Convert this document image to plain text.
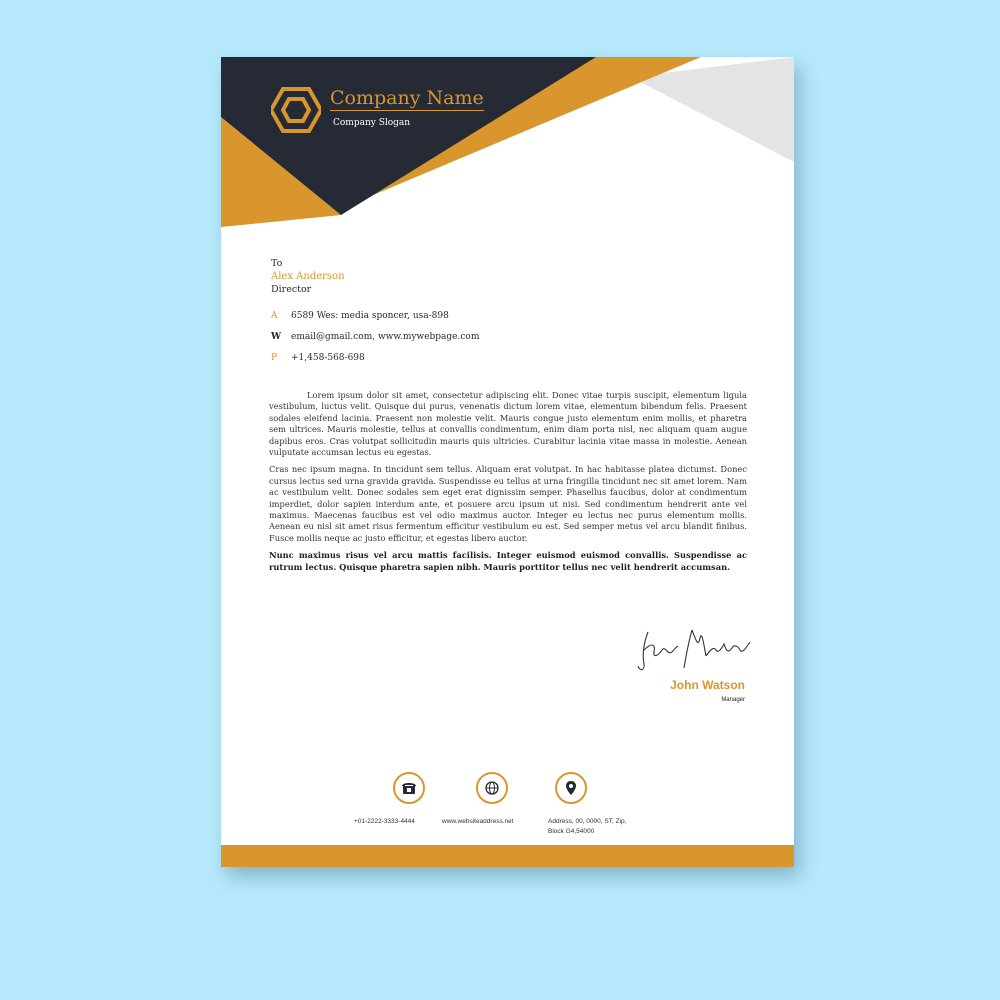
Company Name
Company Slogan
To
Alex Anderson
Director
A	6589 Wes: media sponcer, usa-898
W	email@gmail.com, www.mywebpage.com
P	+1,458-568-698

Lorem ipsum dolor sit amet, consectetur adipiscing elit. Donec vitae turpis suscipit, elementum ligula vestibulum, luctus velit. Quisque dui purus, venenatis dictum lorem vitae, elementum bibendum felis. Praesent sodales eleifend lacinia. Praesent non molestie velit. Mauris congue justo elementum enim mollis, et pharetra sem ultrices. Mauris molestie, tellus at convallis condimentum, enim diam porta nisl, nec aliquam quam augue dapibus eros. Cras volutpat sollicitudin mauris quis ultricies. Curabitur lacinia vitae massa in molestie. Aenean vulputate accumsan lectus eu egestas.

Cras nec ipsum magna. In tincidunt sem tellus. Aliquam erat volutpat. In hac habitasse platea dictumst. Donec cursus lectus sed urna gravida gravida. Suspendisse eu tellus at urna fringilla tincidunt nec sit amet lorem. Nam ac vestibulum velit. Donec sodales sem eget erat dignissim semper. Phasellus faucibus, dolor at condimentum imperdiet, dolor sapien interdum ante, et posuere arcu ipsum ut nisi. Sed condimentum hendrerit ante vel maximus. Maecenas faucibus est vel odio maximus auctor. Integer eu lectus nec purus elementum mollis. Aenean eu nisl sit amet risus fermentum efficitur vestibulum eu est. Sed semper metus vel arcu blandit finibus. Fusce mollis neque ac justo efficitur, et egestas libero auctor.

Nunc maximus risus vel arcu mattis facilisis. Integer euismod euismod convallis. Suspendisse ac rutrum lectus. Quisque pharetra sapien nibh. Mauris porttitor tellus nec velit hendrerit accumsan.

John Watson
Manager
+01-2222-3333-4444	www.websiteaddress.net	Address, 00, 0000, ST, Zip,
Block G4,54000
